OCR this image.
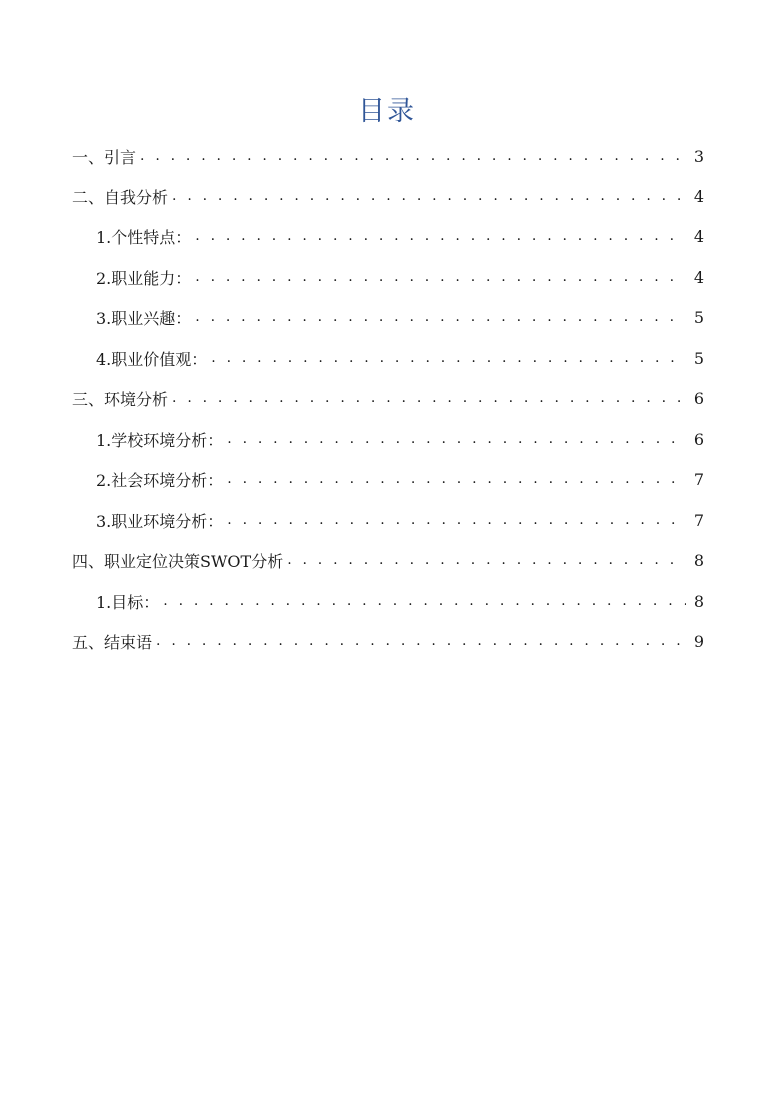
目录
一、引言 . . .	3
二、自我分析 . . .	4
1.个性特点： . . .	4
2.职业能力： . . .	4
3.职业兴趣： . . .	5
4.职业价值观： . . .	5
三、环境分析 . . .	6
1.学校环境分析： . . .	6
2.社会环境分析： . . .	7
3.职业环境分析： . . .	7
四、职业定位决策SWOT分析 . . .	8
1.目标： . . .	8
五、结束语 . . .	9
